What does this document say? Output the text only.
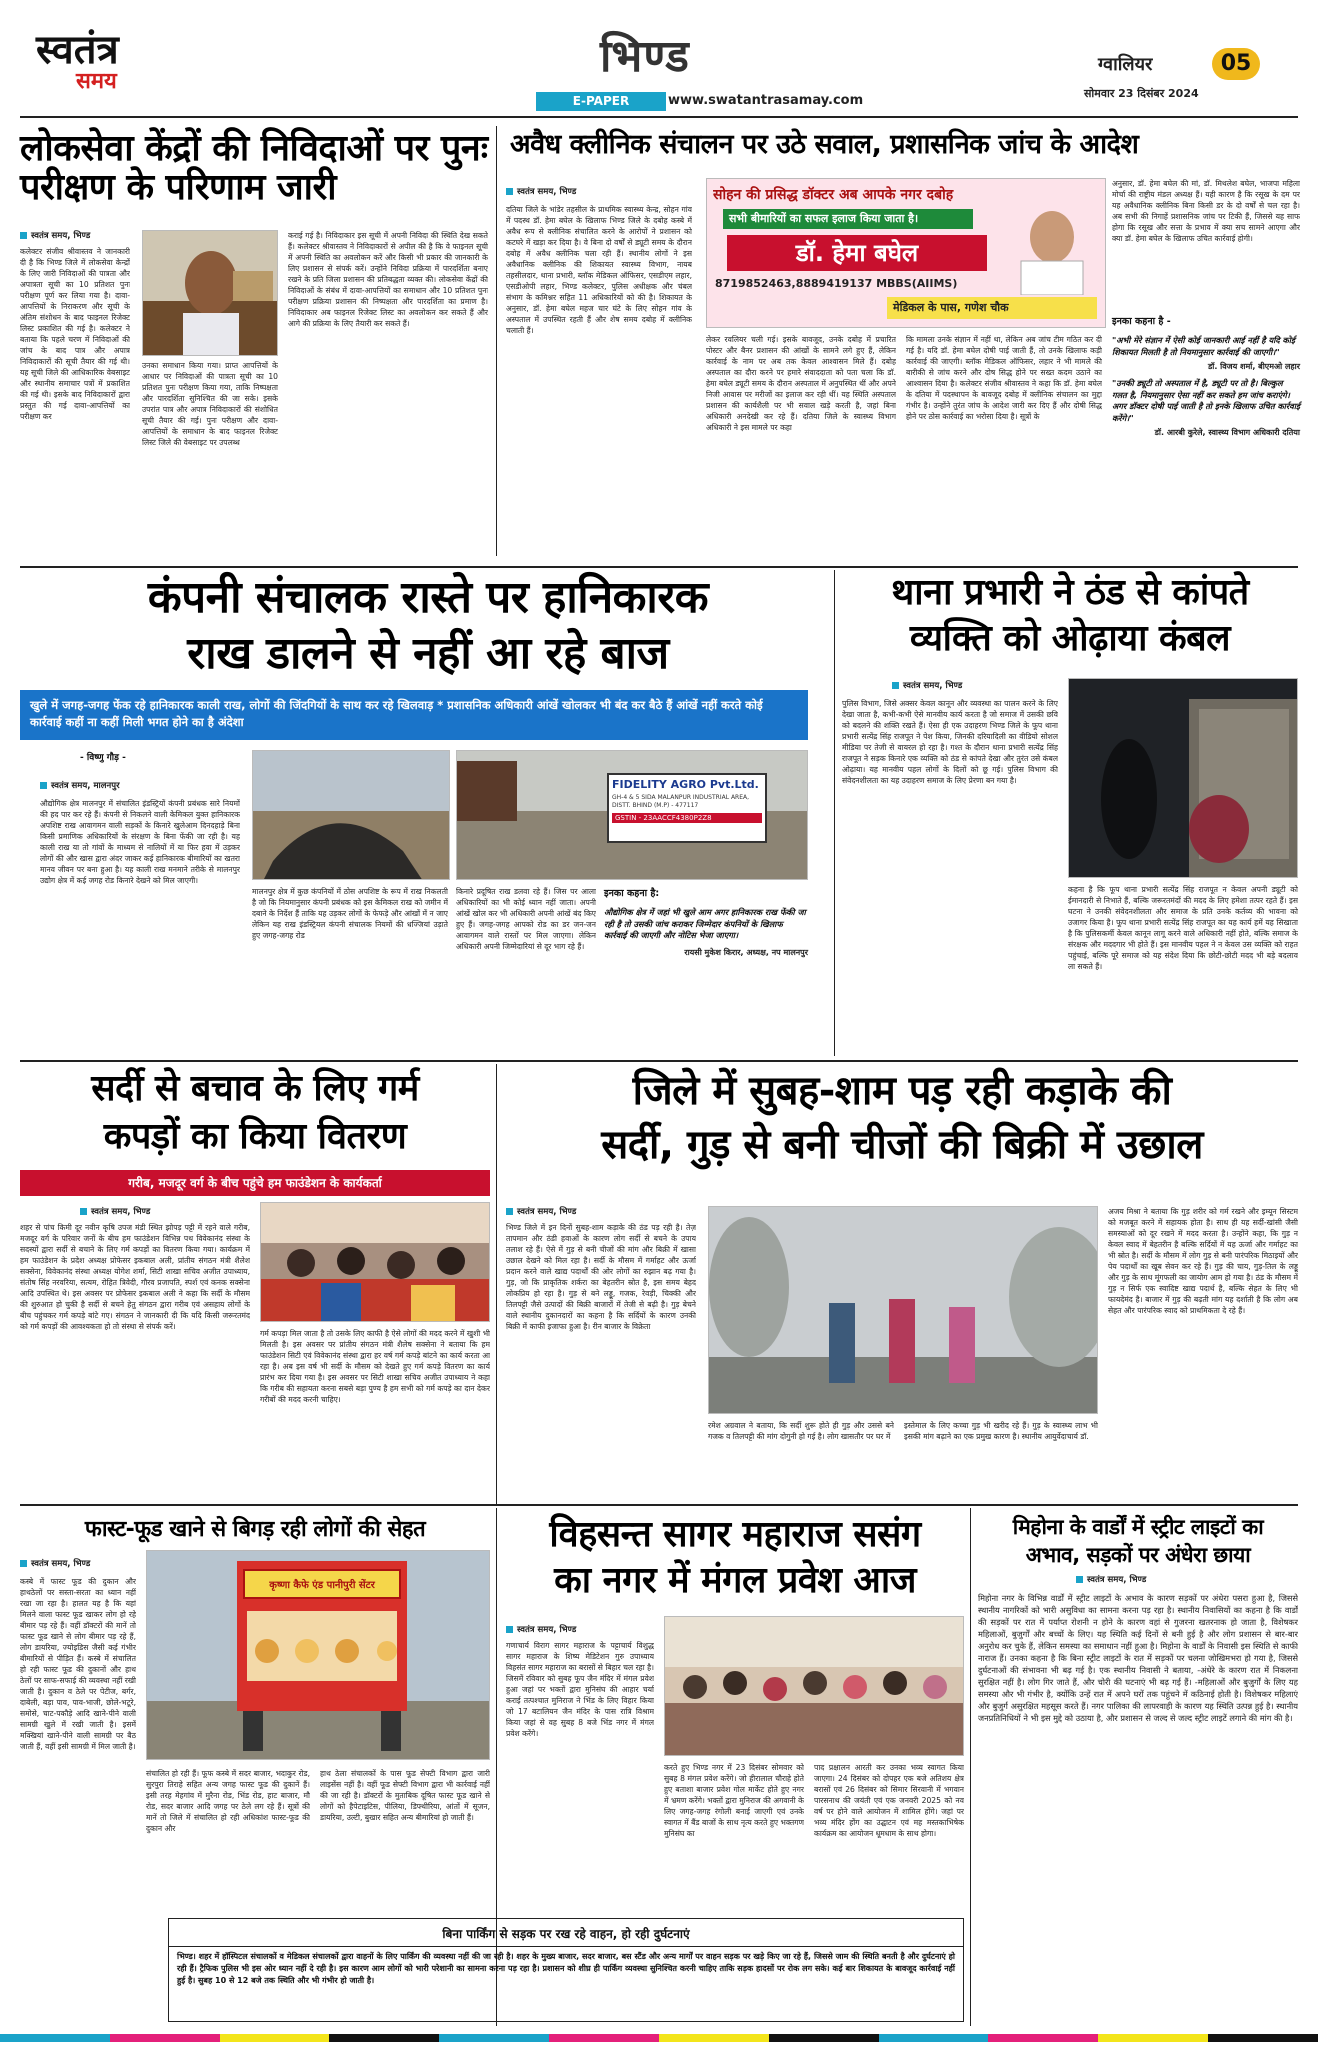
स्वतंत्र
समय	भिण्ड
E-PAPER	www.swatantrasamay.com
ग्वालियर	05
सोमवार 23 दिसंबर 2024
लोकसेवा केंद्रों की निविदाओं पर पुनः परीक्षण के परिणाम जारी
स्वतंत्र समय, भिण्ड
कलेक्टर संजीव श्रीवास्तव ने जानकारी दी है कि भिण्ड जिले में लोकसेवा केन्द्रों के लिए जारी निविदाओं की पात्रता और अपात्रता सूची का 10 प्रतिशत पुनः परीक्षण पूर्ण कर लिया गया है। दावा-आपत्तियों के निराकरण और सूची के अंतिम संशोधन के बाद फाइनल रिजेक्ट लिस्ट प्रकाशित की गई है। कलेक्टर ने बताया कि पहले चरण में निविदाओं की जांच के बाद पात्र और अपात्र निविदाकारों की सूची तैयार की गई थी। यह सूची जिले की आधिकारिक वेबसाइट और स्थानीय समाचार पत्रों में प्रकाशित की गई थी। इसके बाद निविदाकारों द्वारा प्रस्तुत की गई दावा-आपत्तियों का परीक्षण कर
उनका समाधान किया गया। प्राप्त आपत्तियों के आधार पर निविदाओं की पात्रता सूची का 10 प्रतिशत पुनः परीक्षण किया गया, ताकि निष्पक्षता और पारदर्शिता सुनिश्चित की जा सके। इसके उपरांत पात्र और अपात्र निविदाकारों की संशोधित सूची तैयार की गई। पुनः परीक्षण और दावा-आपत्तियों के समाधान के बाद फाइनल रिजेक्ट लिस्ट जिले की वेबसाइट पर उपलब्ध
कराई गई है। निविदाकार इस सूची में अपनी निविदा की स्थिति देख सकते हैं। कलेक्टर श्रीवास्तव ने निविदाकारों से अपील की है कि वे फाइनल सूची में अपनी स्थिति का अवलोकन करें और किसी भी प्रकार की जानकारी के लिए प्रशासन से संपर्क करें। उन्होंने निविदा प्रक्रिया में पारदर्शिता बनाए रखने के प्रति जिला प्रशासन की प्रतिबद्धता व्यक्त की। लोकसेवा केंद्रों की निविदाओं के संबंध में दावा-आपत्तियों का समाधान और 10 प्रतिशत पुनः परीक्षण प्रक्रिया प्रशासन की निष्पक्षता और पारदर्शिता का प्रमाण है। निविदाकार अब फाइनल रिजेक्ट लिस्ट का अवलोकन कर सकते हैं और आगे की प्रक्रिया के लिए तैयारी कर सकते हैं।
अवैध क्लीनिक संचालन पर उठे सवाल, प्रशासनिक जांच के आदेश
स्वतंत्र समय, भिण्ड	सोहन की प्रसिद्ध डॉक्टर अब आपके नगर दबोह
सभी बीमारियों का सफल इलाज किया जाता है।
डॉ. हेमा बघेल
8719852463,8889419137 MBBS(AIIMS)
मेडिकल के पास, गणेश चौक
दतिया जिले के भांडेर तहसील के प्राथमिक स्वास्थ्य केन्द्र, सोहन गांव में पदस्थ डॉ. हेमा बघेल के खिलाफ भिण्ड जिले के दबोह कस्बे में अवैध रूप से क्लीनिक संचालित करने के आरोपों ने प्रशासन को कटघरे में खड़ा कर दिया है। वे बिना दो वर्षों से ड्यूटी समय के दौरान दबोह में अवैध क्लीनिक चला रही हैं। स्थानीय लोगों ने इस अवैधानिक क्लीनिक की शिकायत स्वास्थ्य विभाग, नायब तहसीलदार, थाना प्रभारी, ब्लॉक मेडिकल ऑफिसर, एसडीएम लहार, एसडीओपी लहार, भिण्ड कलेक्टर, पुलिस अधीक्षक और चंबल संभाग के कमिश्नर सहित 11 अधिकारियों को की है। शिकायत के अनुसार, डॉ. हेमा बघेल महज चार घंटे के लिए सोहन गांव के अस्पताल में उपस्थित रहती हैं और शेष समय दबोह में क्लीनिक चलाती हैं।
लेकर रवलियर चली गई। इसके बावजूद, उनके दबोह में प्रचारित पोस्टर और बैनर प्रशासन की आंखों के सामने लगे हुए हैं, लेकिन कार्रवाई के नाम पर अब तक केवल आश्वासन मिले हैं। दबोह अस्पताल का दौरा करने पर हमारे संवाददाता को पता चला कि डॉ. हेमा बघेल ड्यूटी समय के दौरान अस्पताल में अनुपस्थित थीं और अपने निजी आवास पर मरीजों का इलाज कर रही थीं। यह स्थिति अस्पताल प्रशासन की कार्यशैली पर भी सवाल खड़े करती है, जहां बिना अधिकारी अनदेखी कर रहे हैं। दतिया जिले के स्वास्थ्य विभाग अधिकारी ने इस मामले पर कहा
कि मामला उनके संज्ञान में नहीं था, लेकिन अब जांच टीम गठित कर दी गई है। यदि डॉ. हेमा बघेल दोषी पाई जाती हैं, तो उनके खिलाफ कड़ी कार्रवाई की जाएगी। ब्लॉक मेडिकल ऑफिसर, लहार ने भी मामले की बारीकी से जांच करने और दोष सिद्ध होने पर सख्त कदम उठाने का आश्वासन दिया है। कलेक्टर संजीव श्रीवास्तव ने कहा कि डॉ. हेमा बघेल के दतिया में पदस्थापन के बावजूद दबोह में क्लीनिक संचालन का मुद्दा गंभीर है। उन्होंने तुरंत जांच के आदेश जारी कर दिए हैं और दोषी सिद्ध होने पर ठोस कार्रवाई का भरोसा दिया है। सूत्रों के
अनुसार, डॉ. हेमा बघेल की मां, डॉ. मिथलेश बघेल, भाजपा महिला मोर्चा की राष्ट्रीय मंडल अध्यक्ष हैं। यही कारण है कि रसूख के दम पर यह अवैधानिक क्लीनिक बिना किसी डर के दो वर्षों से चल रहा है। अब सभी की निगाहें प्रशासनिक जांच पर टिकी हैं, जिससे यह साफ होगा कि रसूख और सत्ता के प्रभाव में क्या सच सामने आएगा और क्या डॉ. हेमा बघेल के खिलाफ उचित कार्रवाई होगी।
इनका कहना है -
"अभी मेरे संज्ञान में ऐसी कोई जानकारी आई नहीं है यदि कोई शिकायत मिलती है तो नियमानुसार कार्रवाई की जाएगी।"
डॉ. विजय शर्मा, बीएमओ लहार
"उनकी ड्यूटी तो अस्पताल में है, ड्यूटी पर तो है। बिल्कुल गलत है, नियमानुसार ऐसा नहीं कर सकते हम जांच कराएंगे। अगर डॉक्टर दोषी पाई जाती है तो इनके खिलाफ उचित कार्रवाई करेंगे।"
डॉ. आरबी कुरेले, स्वास्थ्य विभाग अधिकारी दतिया
कंपनी संचालक रास्ते पर हानिकारक
राख डालने से नहीं आ रहे बाज
खुले में जगह-जगह फेंक रहे हानिकारक काली राख, लोगों की जिंदगियों के साथ कर रहे खिलवाड़ * प्रशासनिक अधिकारी आंखें खोलकर भी बंद कर बैठे हैं आंखें नहीं करते कोई कार्रवाई कहीं ना कहीं मिली भगत होने का है अंदेशा
- विष्णु गौड़ -
स्वतंत्र समय, मालनपुर	FIDELITY AGRO Pvt.Ltd.
GH-4 & 5 SIDA MALANPUR INDUSTRIAL AREA, DISTT. BHIND (M.P) - 477117
GSTIN - 23AACCF4380P2Z8
औद्योगिक क्षेत्र मालनपुर में संचालित इंडस्ट्रियों कंपनी प्रबंधक सारे नियमों की हद पार कर रहे हैं। कंपनी से निकलने वाली केमिकल युक्त हानिकारक अपशिष्ट राख आवागमन वाली सड़कों के किनारे खुलेआम दिनदहाड़े बिना किसी प्रमाणिक अधिकारियों के संरक्षण के बिना फेंकी जा रही है। यह काली राख या तो गांवों के माध्यम से नालियों में या फिर हवा में उड़कर लोगों की और खास द्वारा अंदर जाकर कई हानिकारक बीमारियों का खतरा मानव जीवन पर बना हुआ है। यह काली राख मनमाने तरीके से मालनपुर उद्योग क्षेत्र में कई जगह रोड किनारे देखने को मिल जाएगी।
मालनपुर क्षेत्र में कुछ कंपनियों में ठोस अपशिष्ट के रूप में राख निकलती है जो कि नियमानुसार कंपनी प्रबंधक को इस केमिकल राख को जमीन में दबाने के निर्देश हैं ताकि यह उड़कर लोगों के फेफड़े और आंखों में न जाए लेकिन यह राख इंडस्ट्रियल कंपनी संचालक नियमों की धज्जियां उड़ाते हुए जगह-जगह रोड
किनारे प्रदूषित राख डलवा रहे हैं। जिस पर आला अधिकारियों का भी कोई ध्यान नहीं जाता। अपनी आंखें खोल कर भी अधिकारी अपनी आंखें बंद किए हुए हैं। जगह-जगह आपको रोड का डर जन-जन आवागमन वाले रास्तों पर मिल जाएगा। लेकिन अधिकारी अपनी जिम्मेदारियां से दूर भाग रहे हैं।
इनका कहना है:
औद्योगिक क्षेत्र में जहां भी खुले आम अगर हानिकारक राख फेंकी जा रही है तो उसकी जांच कराकर जिम्मेदार कंपनियों के खिलाफ कार्रवाई की जाएगी और नोटिस भेजा जाएगा।
रायसी मुकेश किरार, अध्यक्ष, नप मालनपुर
थाना प्रभारी ने ठंड से कांपते
व्यक्ति को ओढ़ाया कंबल
स्वतंत्र समय, भिण्ड
पुलिस विभाग, जिसे अक्सर केवल कानून और व्यवस्था का पालन करने के लिए देखा जाता है, कभी-कभी ऐसे मानवीय कार्य करता है जो समाज में उसकी छवि को बदलने की शक्ति रखते हैं। ऐसा ही एक उदाहरण भिण्ड जिले के फूप थाना प्रभारी सत्येंद्र सिंह राजपूत ने पेश किया, जिनकी दरियादिली का वीडियो सोशल मीडिया पर तेजी से वायरल हो रहा है। गश्त के दौरान थाना प्रभारी सत्येंद्र सिंह राजपूत ने सड़क किनारे एक व्यक्ति को ठंड से कांपते देखा और तुरंत उसे कंबल ओढ़ाया। यह मानवीय पहल लोगों के दिलों को छू गई। पुलिस विभाग की संवेदनशीलता का यह उदाहरण समाज के लिए प्रेरणा बन गया है।
कहना है कि फूप थाना प्रभारी सत्येंद्र सिंह राजपूत न केवल अपनी ड्यूटी को ईमानदारी से निभाते हैं, बल्कि जरूरतमंदों की मदद के लिए हमेशा तत्पर रहते हैं। इस घटना ने उनकी संवेदनशीलता और समाज के प्रति उनके कर्तव्य की भावना को उजागर किया है। फूप थाना प्रभारी सत्येंद्र सिंह राजपूत का यह कार्य हमें यह सिखाता है कि पुलिसकर्मी केवल कानून लागू करने वाले अधिकारी नहीं होते, बल्कि समाज के संरक्षक और मददगार भी होते हैं। इस मानवीय पहल ने न केवल उस व्यक्ति को राहत पहुंचाई, बल्कि पूरे समाज को यह संदेश दिया कि छोटी-छोटी मदद भी बड़े बदलाव ला सकते हैं।
सर्दी से बचाव के लिए गर्म
कपड़ों का किया वितरण
गरीब, मजदूर वर्ग के बीच पहुंचे हम फाउंडेशन के कार्यकर्ता
स्वतंत्र समय, भिण्ड
शहर से पांच किमी दूर नवीन कृषि उपज मंडी स्थित झोपड़ पट्टी में रहने वाले गरीब, मजदूर वर्ग के परिवार जनों के बीच हम फाउंडेशन विभिन्न पथ विवेकानंद संस्था के सदस्यों द्वारा सर्दी से बचाने के लिए गर्म कपड़ों का वितरण किया गया। कार्यक्रम में हम फाउंडेशन के प्रदेश अध्यक्ष प्रोफेसर इकबाल अली, प्रांतीय संगठन मंत्री शैलेश सक्सेना, विवेकानंद संस्था अध्यक्ष योगेश शर्मा, सिटी शाखा सचिव अजीत उपाध्याय, संतोष सिंह नरवरिया, सत्यम, रोहित त्रिवेदी, गौरव प्रजापति, स्पर्श एवं कनक सक्सेना आदि उपस्थित थे। इस अवसर पर प्रोफेसर इकबाल अली ने कहा कि सर्दी के मौसम की शुरुआत हो चुकी है सर्दी से बचने हेतु संगठन द्वारा गरीब एवं असहाय लोगों के बीच पहुंचकर गर्म कपड़े बांटे गए। संगठन ने जानकारी दी कि यदि किसी जरूरतमंद को गर्म कपड़ों की आवश्यकता हो तो संस्था से संपर्क करें।
गर्म कपड़ा मिल जाता है तो उसके लिए काफी है ऐसे लोगों की मदद करने में खुशी भी मिलती है। इस अवसर पर प्रांतीय संगठन मंत्री शैलेष सक्सेना ने बताया कि हम फाउंडेशन सिटी एवं विवेकानंद संस्था द्वारा हर वर्ष गर्म कपड़े बांटने का कार्य करता आ रहा है। अब इस वर्ष भी सर्दी के मौसम को देखते हुए गर्म कपड़े वितरण का कार्य प्रारंभ कर दिया गया है। इस अवसर पर सिटी शाखा सचिव अजीत उपाध्याय ने कहा कि गरीब की सहायता करना सबसे बड़ा पुण्य है हम सभी को गर्म कपड़े का दान देकर गरीबों की मदद करनी चाहिए।
जिले में सुबह-शाम पड़ रही कड़ाके की
सर्दी, गुड़ से बनी चीजों की बिक्री में उछाल
स्वतंत्र समय, भिण्ड
भिण्ड जिले में इन दिनों सुबह-शाम कड़ाके की ठंड पड़ रही है। तेज़ तापमान और ठंडी हवाओं के कारण लोग सर्दी से बचने के उपाय तलाश रहे हैं। ऐसे में गुड़ से बनी चीजों की मांग और बिक्री में खासा उछाल देखने को मिल रहा है। सर्दी के मौसम में गर्माहट और ऊर्जा प्रदान करने वाले खाद्य पदार्थों की ओर लोगों का रुझान बढ़ गया है। गुड़, जो कि प्राकृतिक शर्करा का बेहतरीन स्रोत है, इस समय बेहद लोकप्रिय हो रहा है। गुड़ से बने लड्डू, गजक, रेवड़ी, चिक्की और तिलपट्टी जैसे उत्पादों की बिक्री बाजारों में तेजी से बढ़ी है। गुड़ बेचने वाले स्थानीय दुकानदारों का कहना है कि सर्दियों के कारण उनकी बिक्री में काफी इजाफा हुआ है। रीन बाजार के विक्रेता
रमेश अग्रवाल ने बताया, कि सर्दी शुरू होते ही गुड़ और उससे बने गजक व तिलपट्टी की मांग दोगुनी हो गई है। लोग खासतौर पर घर में
इस्तेमाल के लिए कच्चा गुड़ भी खरीद रहे हैं। गुड़ के स्वास्थ्य लाभ भी इसकी मांग बढ़ाने का एक प्रमुख कारण है। स्थानीय आयुर्वेदाचार्य डॉ.
अजय मिश्रा ने बताया कि गुड़ शरीर को गर्म रखने और इम्यून सिस्टम को मजबूत करने में सहायक होता है। साथ ही यह सर्दी-खांसी जैसी समस्याओं को दूर रखने में मदद करता है। उन्होंने कहा, कि गुड़ न केवल स्वाद में बेहतरीन है बल्कि सर्दियों में यह ऊर्जा और गर्माहट का भी स्रोत है। सर्दी के मौसम में लोग गुड़ से बनी पारंपरिक मिठाइयों और पेय पदार्थों का खूब सेवन कर रहे हैं। गुड़ की चाय, गुड़-तिल के लड्डू और गुड़ के साथ मूंगफली का जायोग आम हो गया है। ठंड के मौसम में गुड़ न सिर्फ एक स्वादिष्ट खाद्य पदार्थ है, बल्कि सेहत के लिए भी फायदेमंद है। बाजार में गुड़ की बढ़ती मांग यह दर्शाती है कि लोग अब सेहत और पारंपरिक स्वाद को प्राथमिकता दे रहे हैं।
फास्ट-फूड खाने से बिगड़ रही लोगों की सेहत
स्वतंत्र समय, भिण्ड
कृष्णा कैफे एंड पानीपुरी सेंटर
कस्बे में फास्ट फूड की दुकान और हाथठेलों पर सस्ता-सरता का ध्यान नहीं रखा जा रहा है। हालत यह है कि यहां मिलने वाला फास्ट फूड खाकर लोग हो रहे बीमार पड़ रहे हैं। वहीं डॉक्टरों की मानें तो फास्ट फूड खाने से लोग बीमार पड़ रहे हैं, लोग डायरिया, ज्योइडिस जैसी कई गंभीर बीमारियों से पीड़ित हैं। कस्बे में संचालित हो रही फास्ट फूड की दुकानों और हाथ ठेलों पर साफ-सफाई की व्यवस्था नहीं रखी जाती है। दुकान व ठेले पर पेटीज, बर्गर, दाबेली, बड़ा पाव, पाव-भाजी, छोले-भटूरे, समोसे, चाट-पकौड़े आदि खाने-पीने वाली सामग्री खुले में रखी जाती है। इसमें मक्खियां खाने-पीने वाली सामग्री पर बैठ जाती हैं, वहीं इसी सामग्री में मिल जाती है।
संचालित हो रही हैं। फूफ कस्बे में सदर बाजार, भदाकुर रोड, सुरपुरा तिराहे सहित अन्य जगह फास्ट फूड की दुकानें हैं। इसी तरह मेहगांव में मुरैना रोड, भिंड रोड, हाट बाजार, मौ रोड, सदर बाजार आदि जगह पर ठेले लग रहे हैं। सूत्रों की मानें तो जिले में संचालित हो रही अधिकांश फास्ट-फूड की दुकान और
हाथ ठेला संचालकों के पास फूड सेफ्टी विभाग द्वारा जारी लाइसेंस नहीं है। वहीं फूड सेफ्टी विभाग द्वारा भी कार्रवाई नहीं की जा रही है। डॉक्टरों के मुताबिक दूषित फास्ट फूड खाने से लोगों को हैपेटाइटिस, पीलिया, डिफ्थीरिया, आंतों में सूजन, डायरिया, उल्टी, बुखार सहित अन्य बीमारियां हो जाती हैं।
विहसन्त सागर महाराज ससंग
का नगर में मंगल प्रवेश आज
स्वतंत्र समय, भिण्ड
गणाचार्य विराग सागर महाराज के पट्टाचार्य विशुद्ध सागर महाराज के शिष्य मेडिटेशन गुरु उपाध्याय विहसंत सागर महाराज का बरासों से बिहार चल रहा है। जिसमें रविवार को सुबह फूप जैन मंदिर में मंगल प्रवेश हुआ जहां पर भक्तों द्वारा मुनिसंघ की आहार चर्या कराई तत्पश्चात मुनिराज ने भिंड के लिए विहार किया जो 17 बटालियन जैन मंदिर के पास रात्रि विश्राम किया जहां से वह सुबह 8 बजे भिंड नगर में मंगल प्रवेश करेंगे।
करते हुए भिण्ड नगर में 23 दिसंबर सोमवार को सुबह 8 मंगल प्रवेश करेंगे। जो हीरालाल चौराहे होते हुए बताशा बाजार प्रवेश गोल मार्केट होते हुए नगर में भ्रमण करेंगे। भक्तों द्वारा मुनिराज की अगवानी के लिए जगह-जगह रंगोली बनाई जाएगी एवं उनके स्वागत में बैंड बाजों के साथ नृत्य करते हुए भक्तगण मुनिसंघ का
पाद प्रक्षालन आरती कर उनका भव्य स्वागत किया जाएगा। 24 दिसंबर को दोपहर एक बजे अतिशय क्षेत्र बरासों एवं 26 दिसंबर को सिमार सिरवानी में भगवान पारसनाथ की जयंती एवं एक जनवरी 2025 को नव वर्ष पर होने वाले आयोजन में शामिल होंगे। जहां पर भव्य मंदिर होंग का उद्घाटन एवं मह मस्तकाभिषेक कार्यक्रम का आयोजन धूमधाम के साथ होगा।
मिहोना के वार्डों में स्ट्रीट लाइटों का
अभाव, सड़कों पर अंधेरा छाया
स्वतंत्र समय, भिण्ड
मिहोना नगर के विभिन्न वार्डों में स्ट्रीट लाइटों के अभाव के कारण सड़कों पर अंधेरा पसरा हुआ है, जिससे स्थानीय नागरिकों को भारी असुविधा का सामना करना पड़ रहा है। स्थानीय निवासियों का कहना है कि वार्डों की सड़कों पर रात में पर्याप्त रोशनी न होने के कारण वहां से गुजरना खतरनाक हो जाता है, विशेषकर महिलाओं, बुजुर्गों और बच्चों के लिए। यह स्थिति कई दिनों से बनी हुई है और लोग प्रशासन से बार-बार अनुरोध कर चुके हैं, लेकिन समस्या का समाधान नहीं हुआ है। मिहोना के वार्डों के निवासी इस स्थिति से काफी नाराज हैं। उनका कहना है कि बिना स्ट्रीट लाइटों के रात में सड़कों पर चलना जोखिमभरा हो गया है, जिससे दुर्घटनाओं की संभावना भी बढ़ गई है। एक स्थानीय निवासी ने बताया, -अंधेरे के कारण रात में निकलना सुरक्षित नहीं है। लोग गिर जाते हैं, और चोरी की घटनाएं भी बढ़ गई हैं। -महिलाओं और बुजुर्गों के लिए यह समस्या और भी गंभीर है, क्योंकि उन्हें रात में अपने घरों तक पहुंचने में कठिनाई होती है। विशेषकर महिलाएं और बुजुर्ग असुरक्षित महसूस करते हैं। नगर पालिका की लापरवाही के कारण यह स्थिति उत्पन्न हुई है। स्थानीय जनप्रतिनिधियों ने भी इस मुद्दे को उठाया है, और प्रशासन से जल्द से जल्द स्ट्रीट लाइटें लगाने की मांग की है।
बिना पार्किंग से सड़क पर रख रहे वाहन, हो रही दुर्घटनाएं
भिण्ड। शहर में हॉस्पिटल संचालकों व मेडिकल संचालकों द्वारा वाहनों के लिए पार्किंग की व्यवस्था नहीं की जा रही है। शहर के मुख्य बाजार, सदर बाजार, बस स्टैंड और अन्य मार्गों पर वाहन सड़क पर खड़े किए जा रहे हैं, जिससे जाम की स्थिति बनती है और दुर्घटनाएं हो रही हैं। ट्रैफिक पुलिस भी इस ओर ध्यान नहीं दे रही है। इस कारण आम लोगों को भारी परेशानी का सामना करना पड़ रहा है। प्रशासन को शीघ्र ही पार्किंग व्यवस्था सुनिश्चित करनी चाहिए ताकि सड़क हादसों पर रोक लग सके। कई बार शिकायत के बावजूद कार्रवाई नहीं हुई है। सुबह 10 से 12 बजे तक स्थिति और भी गंभीर हो जाती है।
